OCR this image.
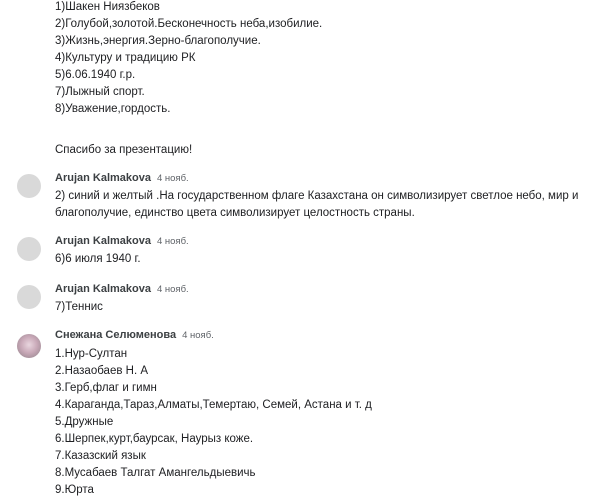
1)Шакен Ниязбеков
2)Голубой,золотой.Бесконечность неба,изобилие.
3)Жизнь,энергия.Зерно-благополучие.
4)Культуру и традицию РК
5)6.06.1940 г.р.
7)Лыжный спорт.
8)Уважение,гордость.
Спасибо за презентацию!
Arujan Kalmakova 4 нояб.
2) синий и желтый .На государственном флаге Казахстана он символизирует светлое небо, мир и благополучие, единство цвета символизирует целостность страны.
Arujan Kalmakova 4 нояб.
6)6 июля 1940 г.
Arujan Kalmakova 4 нояб.
7)Теннис
Снежана Селюменова 4 нояб.
1.Нур-Султан
2.Назаобаев Н. А
3.Герб,флаг и гимн
4.Караганда,Тараз,Алматы,Темертаю, Семей, Астана и т. д
5.Дружные
6.Шерпек,курт,баурсак, Наурыз коже.
7.Казазский язык
8.Мусабаев Талгат Амангельдыевичь
9.Юрта
